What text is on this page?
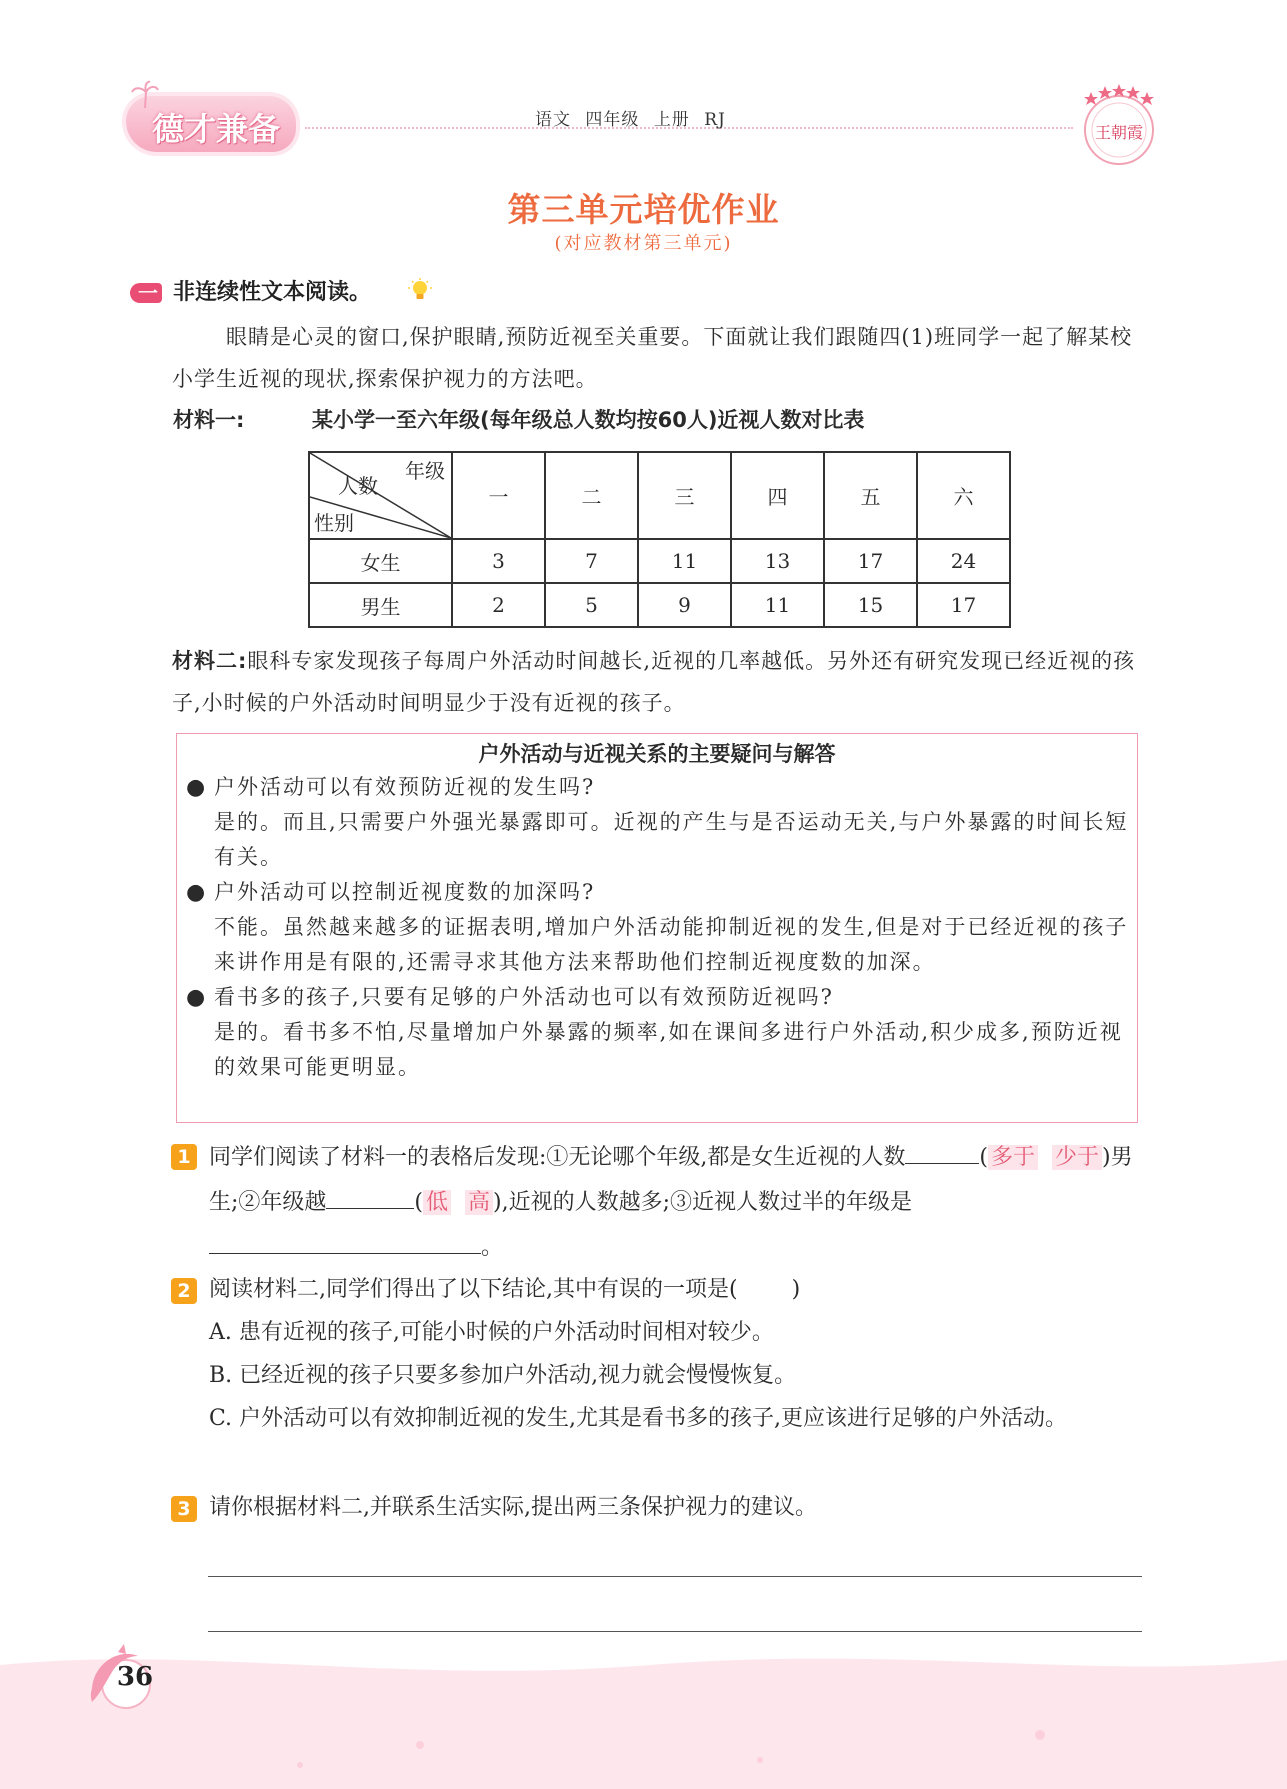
德才兼备	语文 四年级 上册 RJ
王朝霞
第三单元培优作业
(对应教材第三单元)
一 非连续性文本阅读。
眼睛是心灵的窗口,保护眼睛,预防近视至关重要。下面就让我们跟随四(1)班同学一起了解某校小学生近视的现状,探索保护视力的方法吧。
材料一:	某小学一至六年级(每年级总人数均按60人)近视人数对比表
年级
人数
性别	一	二	三	四	五	六
女生	3	7	11	13	17	24
男生	2	5	9	11	15	17
材料二:眼科专家发现孩子每周户外活动时间越长,近视的几率越低。另外还有研究发现已经近视的孩子,小时候的户外活动时间明显少于没有近视的孩子。
户外活动与近视关系的主要疑问与解答
● 户外活动可以有效预防近视的发生吗?
是的。而且,只需要户外强光暴露即可。近视的产生与是否运动无关,与户外暴露的时间长短有关。
● 户外活动可以控制近视度数的加深吗?
不能。虽然越来越多的证据表明,增加户外活动能抑制近视的发生,但是对于已经近视的孩子来讲作用是有限的,还需寻求其他方法来帮助他们控制近视度数的加深。
● 看书多的孩子,只要有足够的户外活动也可以有效预防近视吗?
是的。看书多不怕,尽量增加户外暴露的频率,如在课间多进行户外活动,积少成多,预防近视的效果可能更明显。
1 同学们阅读了材料一的表格后发现:①无论哪个年级,都是女生近视的人数	( 多于 少于 )男生;②年级越	( 低 高 ),近视的人数越多;③近视人数过半的年级是。
2 阅读材料二,同学们得出了以下结论,其中有误的一项是( )
A. 患有近视的孩子,可能小时候的户外活动时间相对较少。
B. 已经近视的孩子只要多参加户外活动,视力就会慢慢恢复。
C. 户外活动可以有效抑制近视的发生,尤其是看书多的孩子,更应该进行足够的户外活动。
3 请你根据材料二,并联系生活实际,提出两三条保护视力的建议。
36
